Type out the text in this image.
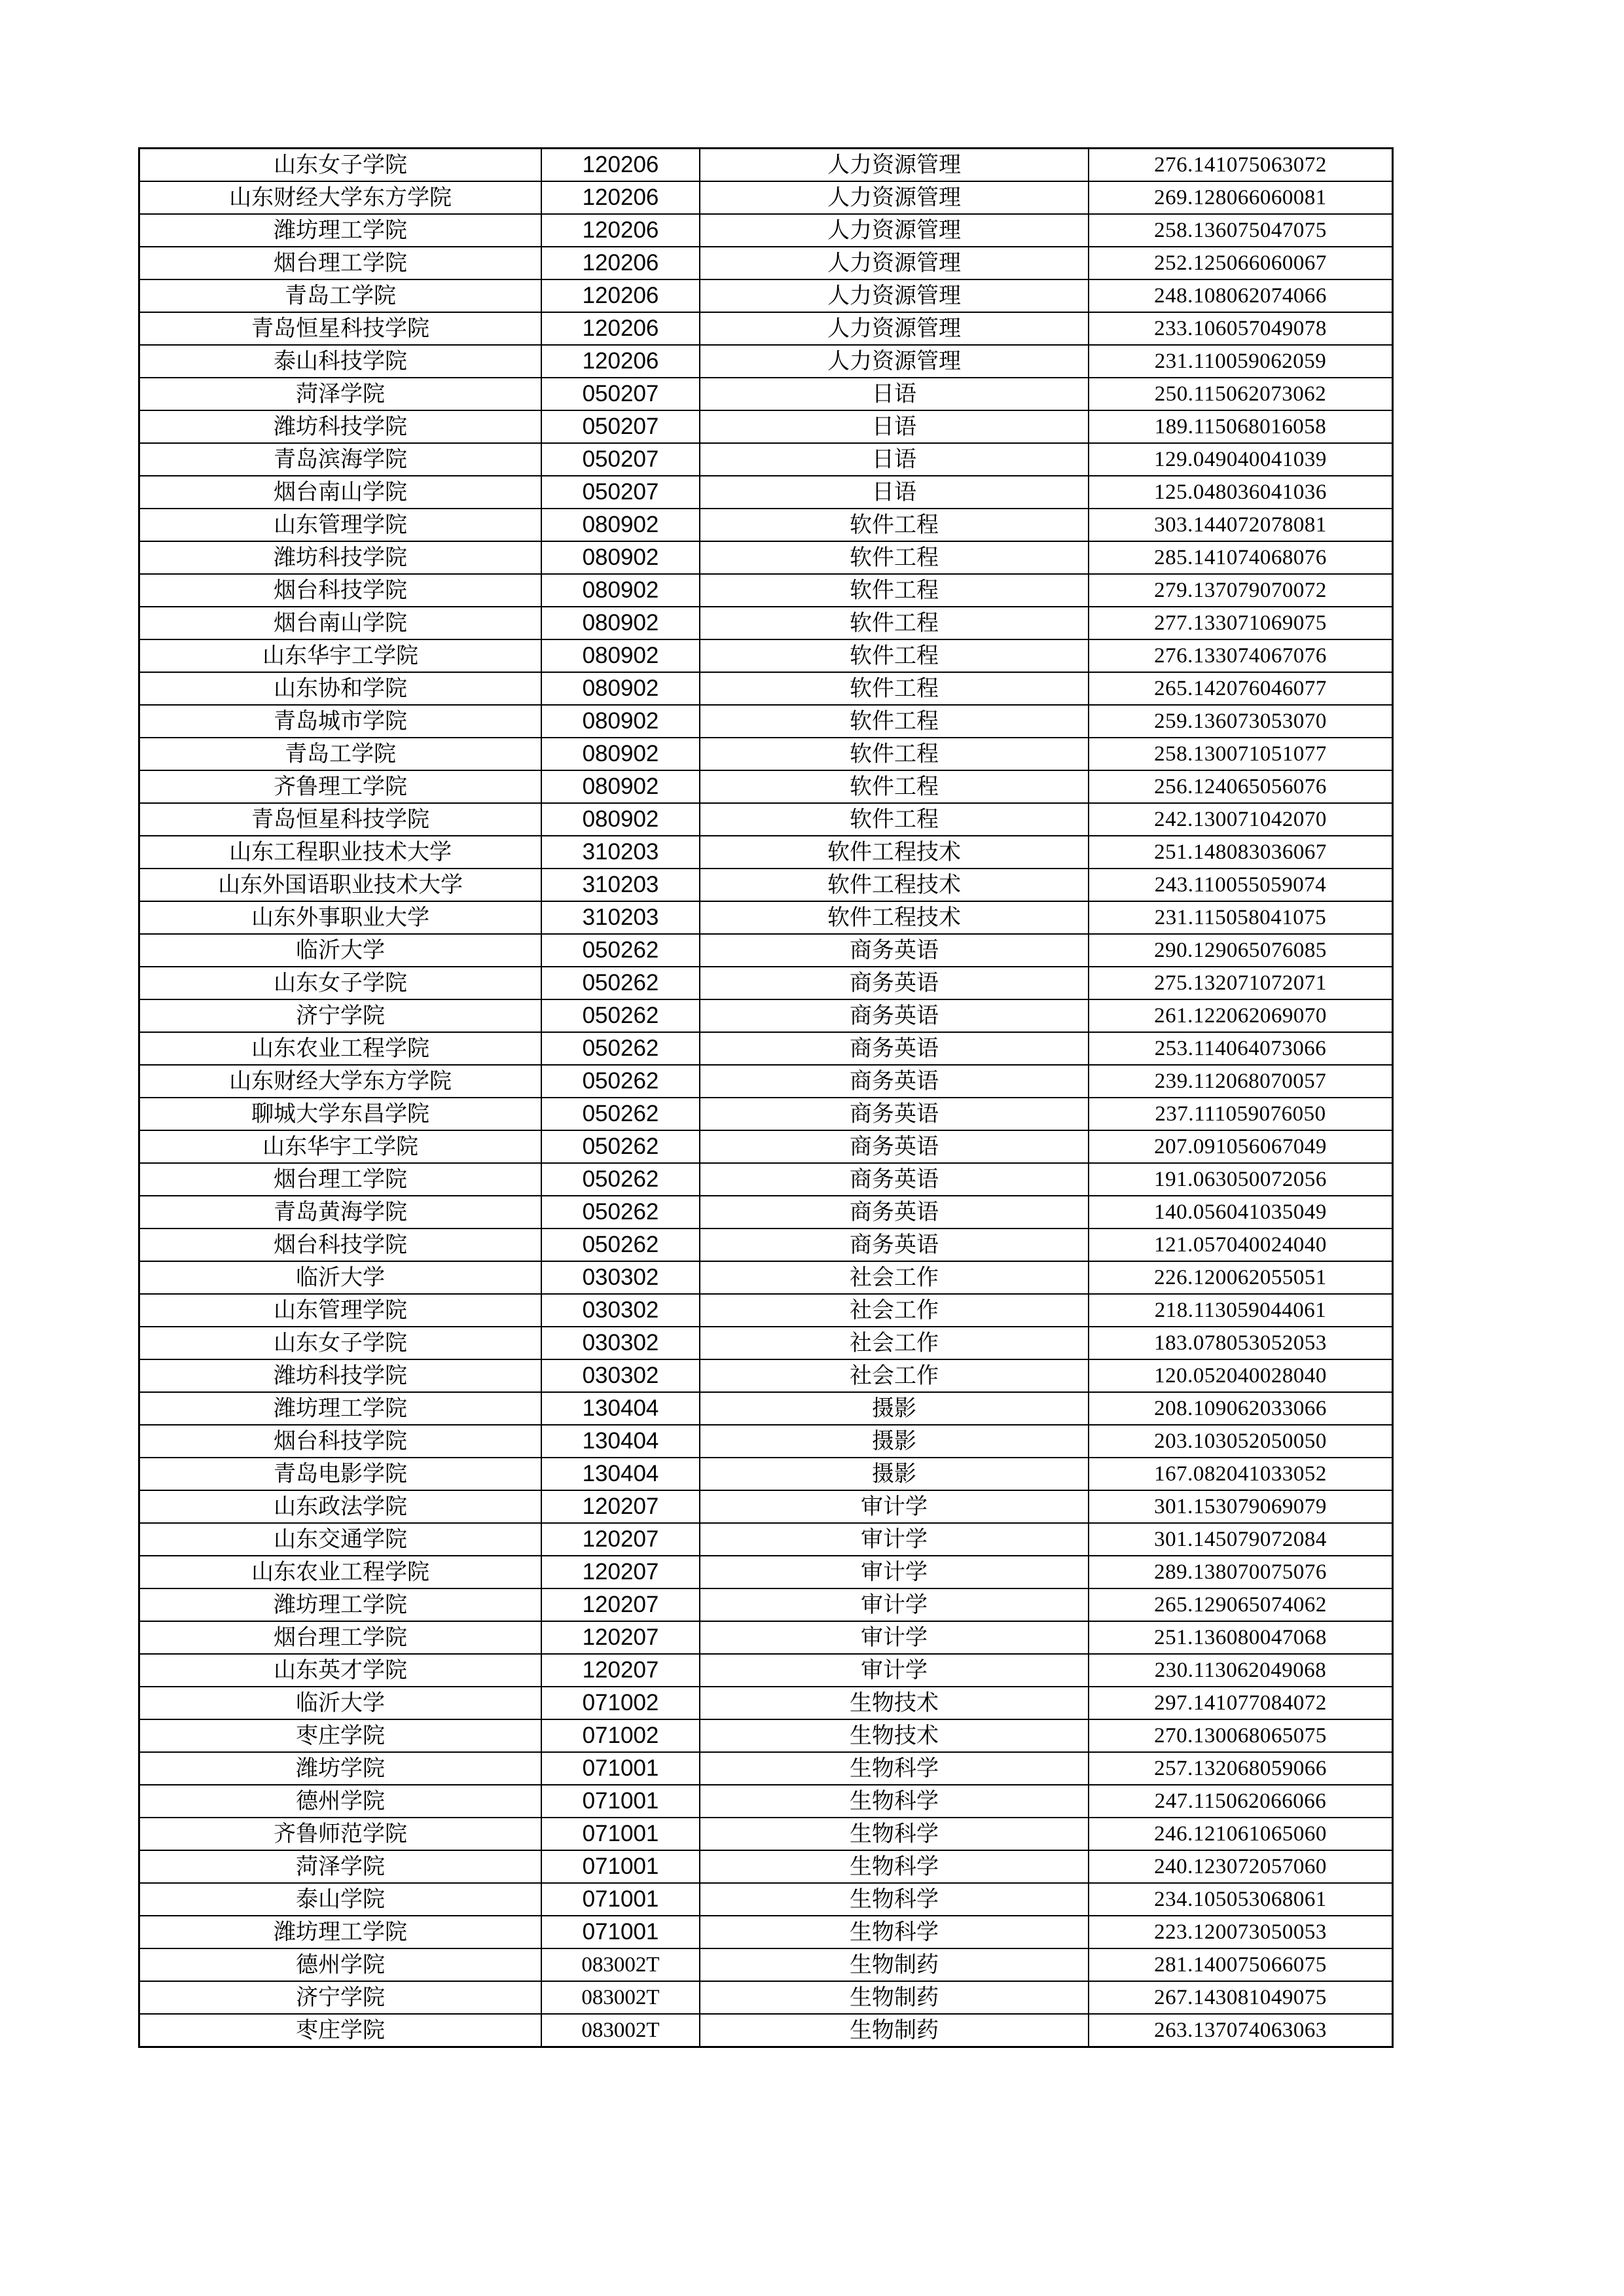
山东女子学院	120206	人力资源管理	276.141075063072
山东财经大学东方学院	120206	人力资源管理	269.128066060081
潍坊理工学院	120206	人力资源管理	258.136075047075
烟台理工学院	120206	人力资源管理	252.125066060067
青岛工学院	120206	人力资源管理	248.108062074066
青岛恒星科技学院	120206	人力资源管理	233.106057049078
泰山科技学院	120206	人力资源管理	231.110059062059
菏泽学院	050207	日语	250.115062073062
潍坊科技学院	050207	日语	189.115068016058
青岛滨海学院	050207	日语	129.049040041039
烟台南山学院	050207	日语	125.048036041036
山东管理学院	080902	软件工程	303.144072078081
潍坊科技学院	080902	软件工程	285.141074068076
烟台科技学院	080902	软件工程	279.137079070072
烟台南山学院	080902	软件工程	277.133071069075
山东华宇工学院	080902	软件工程	276.133074067076
山东协和学院	080902	软件工程	265.142076046077
青岛城市学院	080902	软件工程	259.136073053070
青岛工学院	080902	软件工程	258.130071051077
齐鲁理工学院	080902	软件工程	256.124065056076
青岛恒星科技学院	080902	软件工程	242.130071042070
山东工程职业技术大学	310203	软件工程技术	251.148083036067
山东外国语职业技术大学	310203	软件工程技术	243.110055059074
山东外事职业大学	310203	软件工程技术	231.115058041075
临沂大学	050262	商务英语	290.129065076085
山东女子学院	050262	商务英语	275.132071072071
济宁学院	050262	商务英语	261.122062069070
山东农业工程学院	050262	商务英语	253.114064073066
山东财经大学东方学院	050262	商务英语	239.112068070057
聊城大学东昌学院	050262	商务英语	237.111059076050
山东华宇工学院	050262	商务英语	207.091056067049
烟台理工学院	050262	商务英语	191.063050072056
青岛黄海学院	050262	商务英语	140.056041035049
烟台科技学院	050262	商务英语	121.057040024040
临沂大学	030302	社会工作	226.120062055051
山东管理学院	030302	社会工作	218.113059044061
山东女子学院	030302	社会工作	183.078053052053
潍坊科技学院	030302	社会工作	120.052040028040
潍坊理工学院	130404	摄影	208.109062033066
烟台科技学院	130404	摄影	203.103052050050
青岛电影学院	130404	摄影	167.082041033052
山东政法学院	120207	审计学	301.153079069079
山东交通学院	120207	审计学	301.145079072084
山东农业工程学院	120207	审计学	289.138070075076
潍坊理工学院	120207	审计学	265.129065074062
烟台理工学院	120207	审计学	251.136080047068
山东英才学院	120207	审计学	230.113062049068
临沂大学	071002	生物技术	297.141077084072
枣庄学院	071002	生物技术	270.130068065075
潍坊学院	071001	生物科学	257.132068059066
德州学院	071001	生物科学	247.115062066066
齐鲁师范学院	071001	生物科学	246.121061065060
菏泽学院	071001	生物科学	240.123072057060
泰山学院	071001	生物科学	234.105053068061
潍坊理工学院	071001	生物科学	223.120073050053
德州学院	083002T	生物制药	281.140075066075
济宁学院	083002T	生物制药	267.143081049075
枣庄学院	083002T	生物制药	263.137074063063
